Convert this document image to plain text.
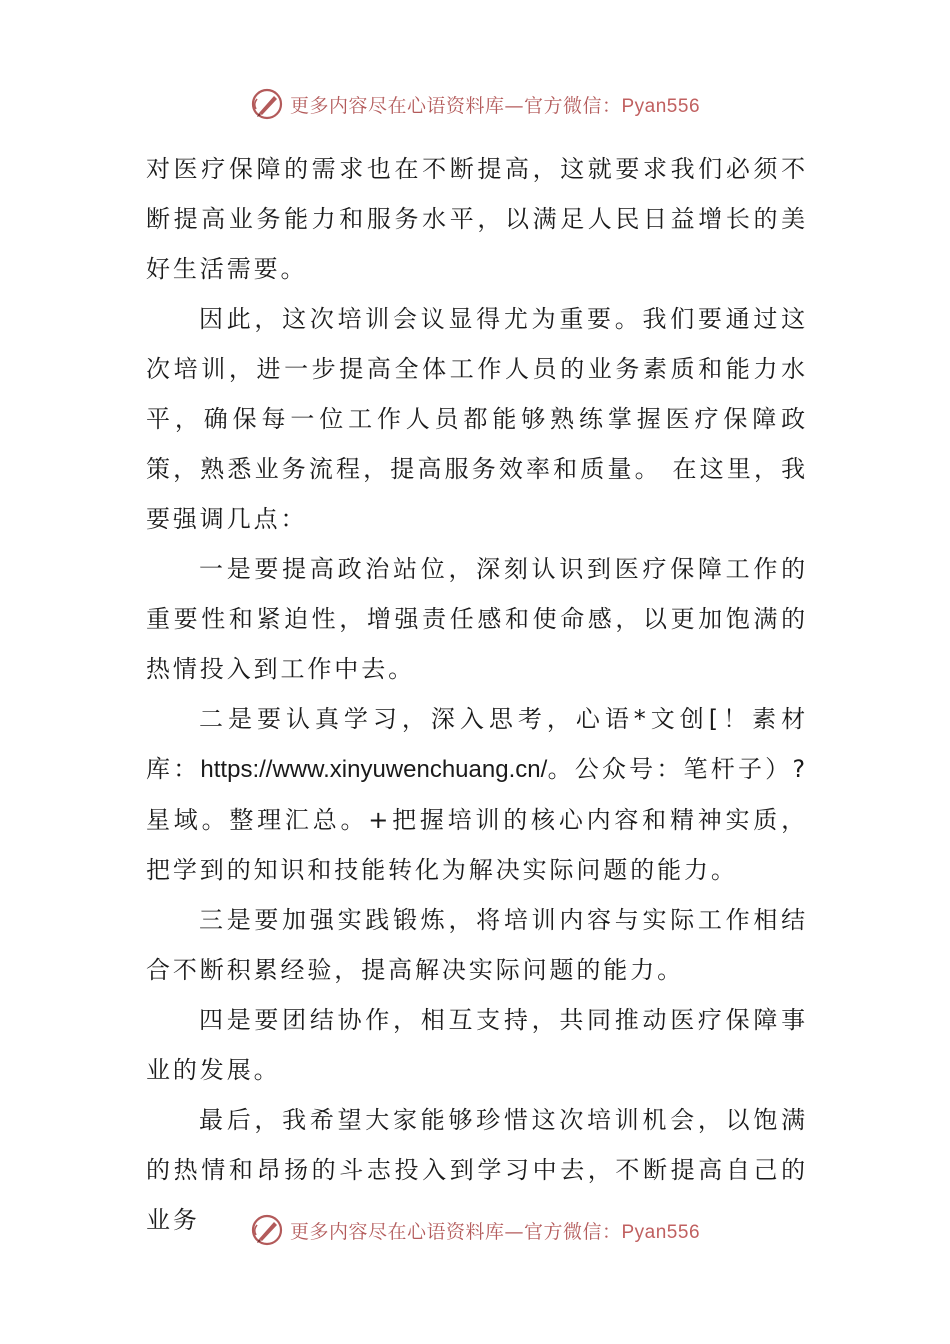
更多内容尽在心语资料库—官方微信：Pyan556

对医疗保障的需求也在不断提高，这就要求我们必须不断提高业务能力和服务水平，以满足人民日益增长的美好生活需要。

因此，这次培训会议显得尤为重要。我们要通过这次培训，进一步提高全体工作人员的业务素质和能力水平，确保每一位工作人员都能够熟练掌握医疗保障政策，熟悉业务流程，提高服务效率和质量。 在这里，我要强调几点：

一是要提高政治站位，深刻认识到医疗保障工作的重要性和紧迫性，增强责任感和使命感，以更加饱满的热情投入到工作中去。

二是要认真学习，深入思考，心语*文创[！素材库：https://www.xinyuwenchuang.cn/。公众号：笔杆子）?星域。整理汇总。+把握培训的核心内容和精神实质，把学到的知识和技能转化为解决实际问题的能力。

三是要加强实践锻炼，将培训内容与实际工作相结合不断积累经验，提高解决实际问题的能力。

四是要团结协作，相互支持，共同推动医疗保障事业的发展。

最后，我希望大家能够珍惜这次培训机会，以饱满的热情和昂扬的斗志投入到学习中去，不断提高自己的业务	更多内容尽在心语资料库—官方微信：Pyan556
